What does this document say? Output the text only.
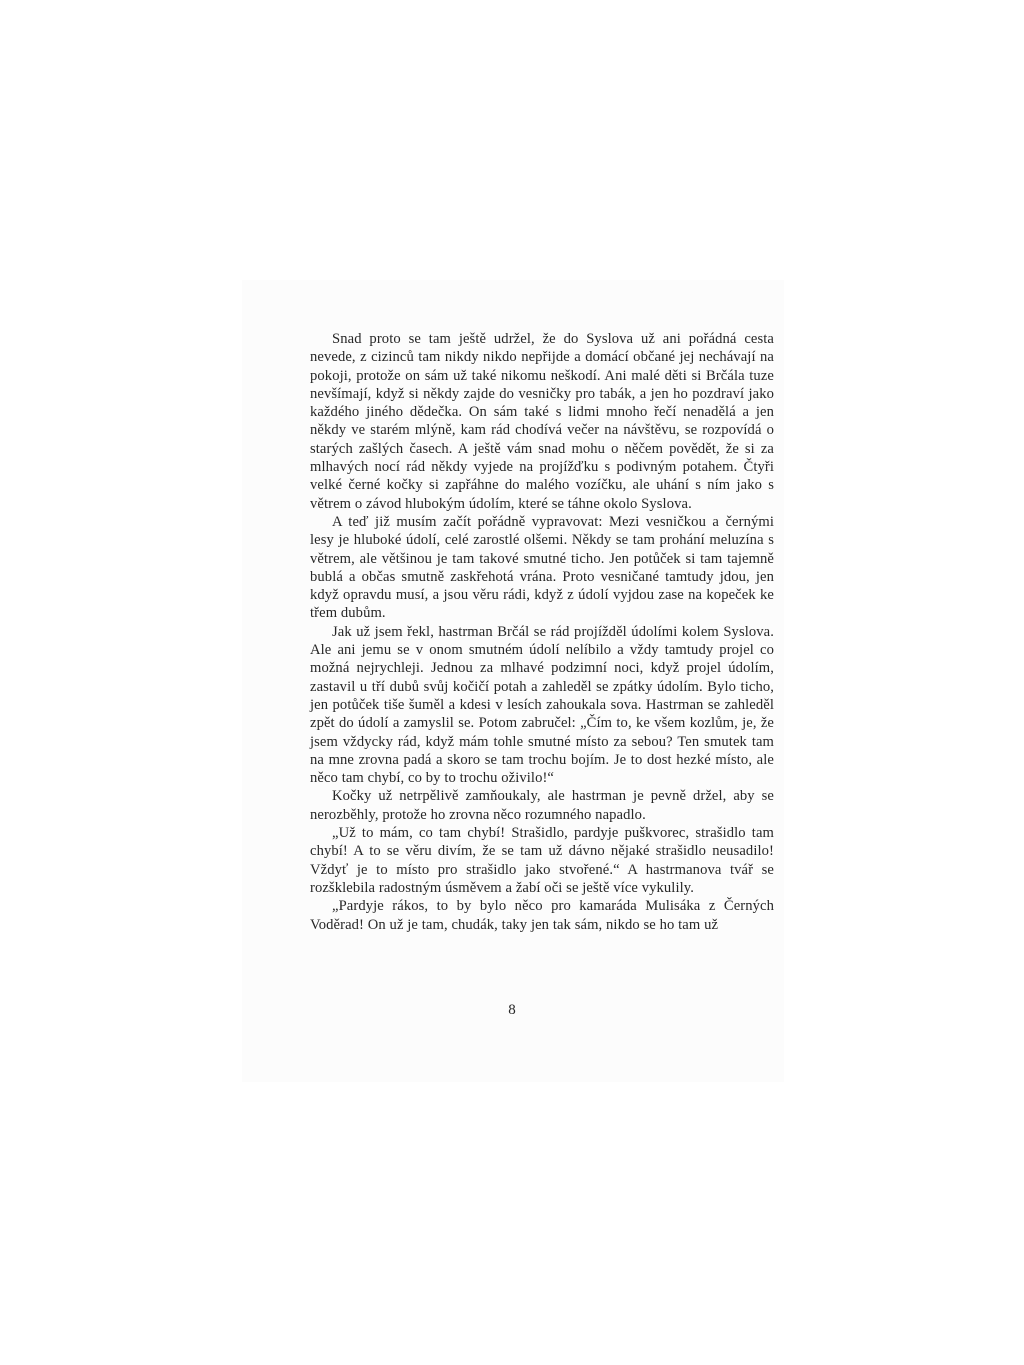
Snad proto se tam ještě udržel, že do Syslova už ani pořádná cesta nevede, z cizinců tam nikdy nikdo nepřijde a domácí občané jej nechávají na pokoji, protože on sám už také nikomu neškodí. Ani malé děti si Brčála tuze nevšímají, když si někdy zajde do vesničky pro tabák, a jen ho pozdraví jako každého jiného dědečka. On sám také s lidmi mnoho řečí nenadělá a jen někdy ve starém mlýně, kam rád chodívá večer na návštěvu, se rozpovídá o starých zašlých časech. A ještě vám snad mohu o něčem povědět, že si za mlhavých nocí rád někdy vyjede na projížďku s podivným potahem. Čtyři velké černé kočky si zapřáhne do malého vozíčku, ale uhání s ním jako s větrem o závod hlubokým údolím, které se táhne okolo Syslova.

A teď již musím začít pořádně vypravovat: Mezi vesničkou a černými lesy je hluboké údolí, celé zarostlé olšemi. Někdy se tam prohání meluzína s větrem, ale většinou je tam takové smutné ticho. Jen potůček si tam tajemně bublá a občas smutně zaskřehotá vrána. Proto vesničané tamtudy jdou, jen když opravdu musí, a jsou věru rádi, když z údolí vyjdou zase na kopeček ke třem dubům.

Jak už jsem řekl, hastrman Brčál se rád projížděl údolími kolem Syslova. Ale ani jemu se v onom smutném údolí nelíbilo a vždy tamtudy projel co možná nejrychleji. Jednou za mlhavé podzimní noci, když projel údolím, zastavil u tří dubů svůj kočičí potah a zahleděl se zpátky údolím. Bylo ticho, jen potůček tiše šuměl a kdesi v lesích zahoukala sova. Hastrman se zahleděl zpět do údolí a zamyslil se. Potom zabručel: „Čím to, ke všem kozlům, je, že jsem vždycky rád, když mám tohle smutné místo za sebou? Ten smutek tam na mne zrovna padá a skoro se tam trochu bojím. Je to dost hezké místo, ale něco tam chybí, co by to trochu oživilo!“

Kočky už netrpělivě zamňoukaly, ale hastrman je pevně držel, aby se nerozběhly, protože ho zrovna něco rozumného napadlo.

„Už to mám, co tam chybí! Strašidlo, pardyje puškvorec, strašidlo tam chybí! A to se věru divím, že se tam už dávno nějaké strašidlo neusadilo! Vždyť je to místo pro strašidlo jako stvořené.“ A hastrmanova tvář se rozšklebila radostným úsměvem a žabí oči se ještě více vykulily.

„Pardyje rákos, to by bylo něco pro kamaráda Mulisáka z Černých Voděrad! On už je tam, chudák, taky jen tak sám, nikdo se ho tam už

8
